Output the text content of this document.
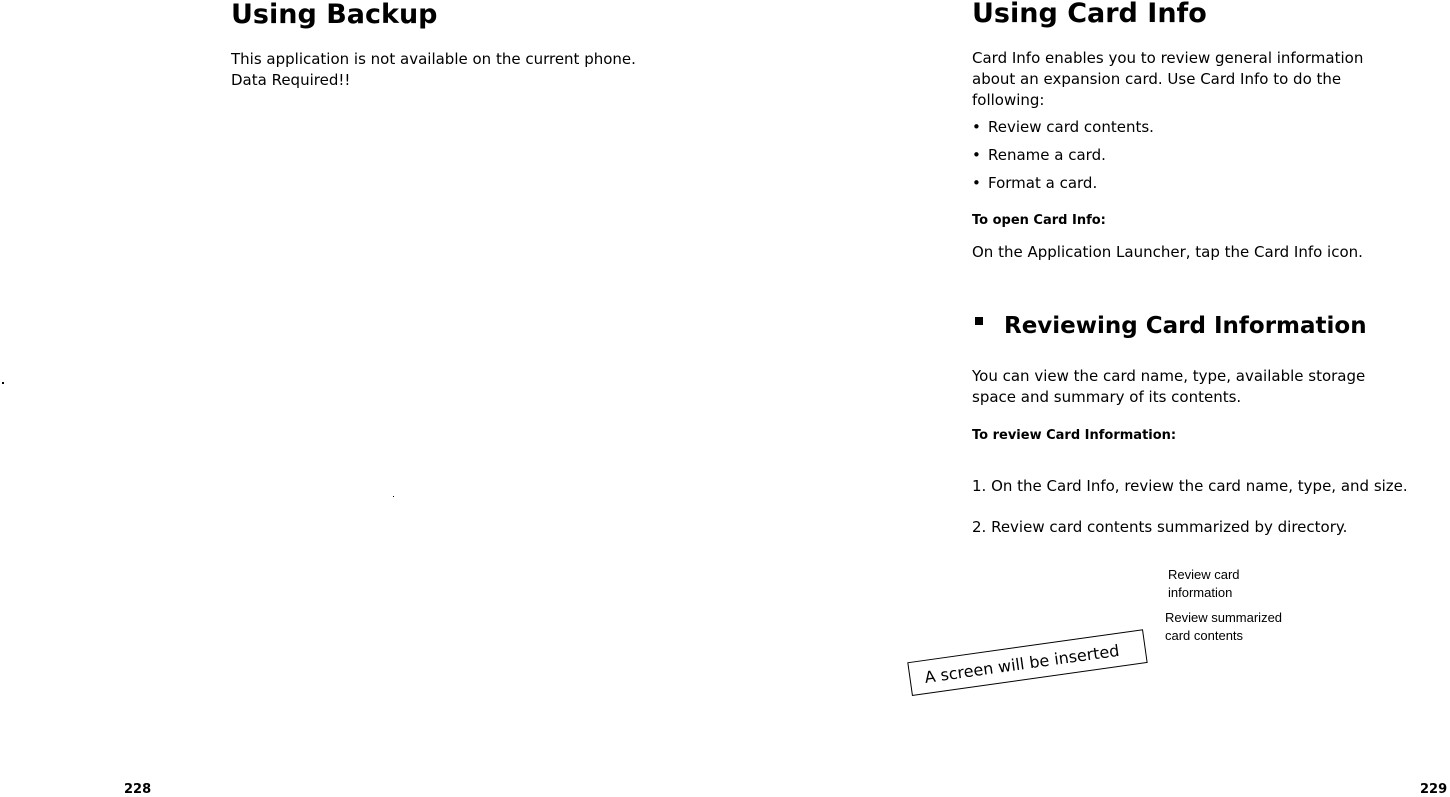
Using Backup

This application is not available on the current phone.

Data Required!!

228
Using Card Info

Card Info enables you to review general information

about an expansion card. Use Card Info to do the

following:

• Review card contents.
• Rename a card.
• Format a card.
To open Card Info:

On the Application Launcher, tap the Card Info icon.

Reviewing Card Information

You can view the card name, type, available storage

space and summary of its contents.

To review Card Information:

1. On the Card Info, review the card name, type, and size.

2. Review card contents summarized by directory.

Review card
information
Review summarized
card contents
A screen will be inserted
229
